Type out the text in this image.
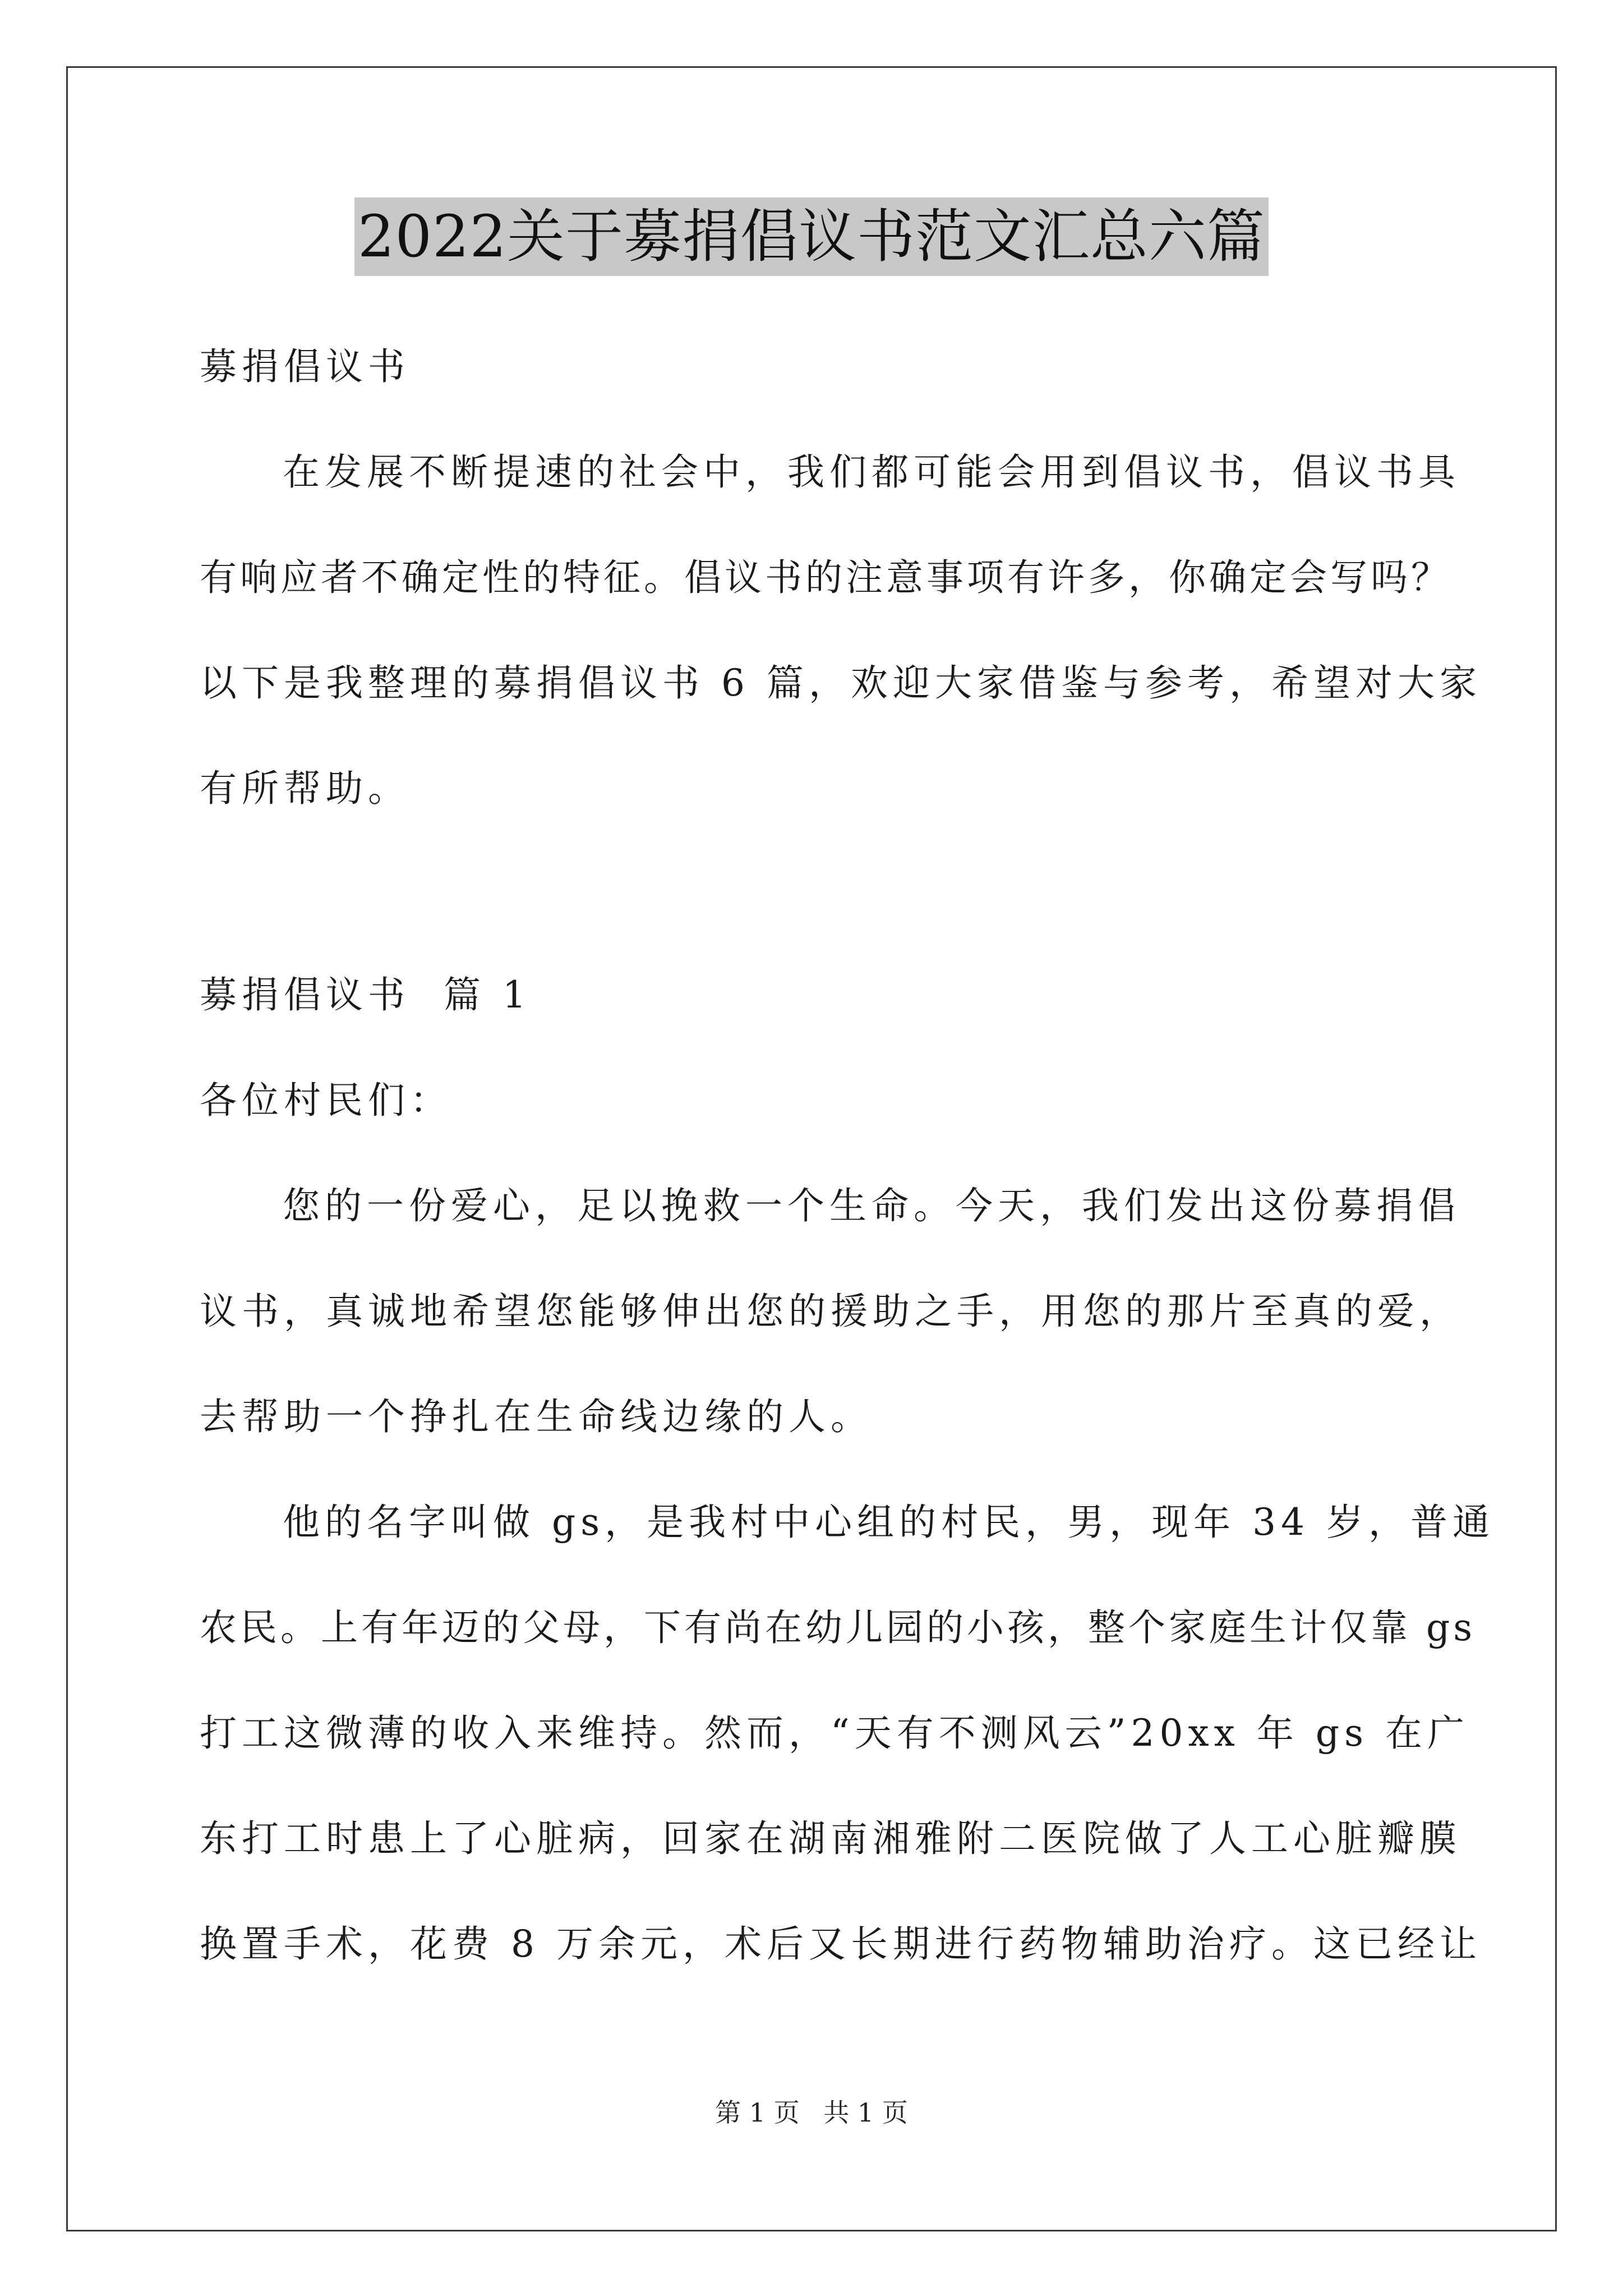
2022关于募捐倡议书范文汇总六篇
募捐倡议书
在发展不断提速的社会中，我们都可能会用到倡议书，倡议书具
有响应者不确定性的特征。倡议书的注意事项有许多，你确定会写吗？
以下是我整理的募捐倡议书 6 篇，欢迎大家借鉴与参考，希望对大家
有所帮助。
募捐倡议书  篇 1
各位村民们：
您的一份爱心，足以挽救一个生命。今天，我们发出这份募捐倡
议书，真诚地希望您能够伸出您的援助之手，用您的那片至真的爱，
去帮助一个挣扎在生命线边缘的人。
他的名字叫做 gs，是我村中心组的村民，男，现年 34 岁，普通
农民。上有年迈的父母，下有尚在幼儿园的小孩，整个家庭生计仅靠 gs
打工这微薄的收入来维持。然而，“天有不测风云”20xx 年 gs 在广
东打工时患上了心脏病，回家在湖南湘雅附二医院做了人工心脏瓣膜
换置手术，花费 8 万余元，术后又长期进行药物辅助治疗。这已经让
第 1 页 共 1 页
